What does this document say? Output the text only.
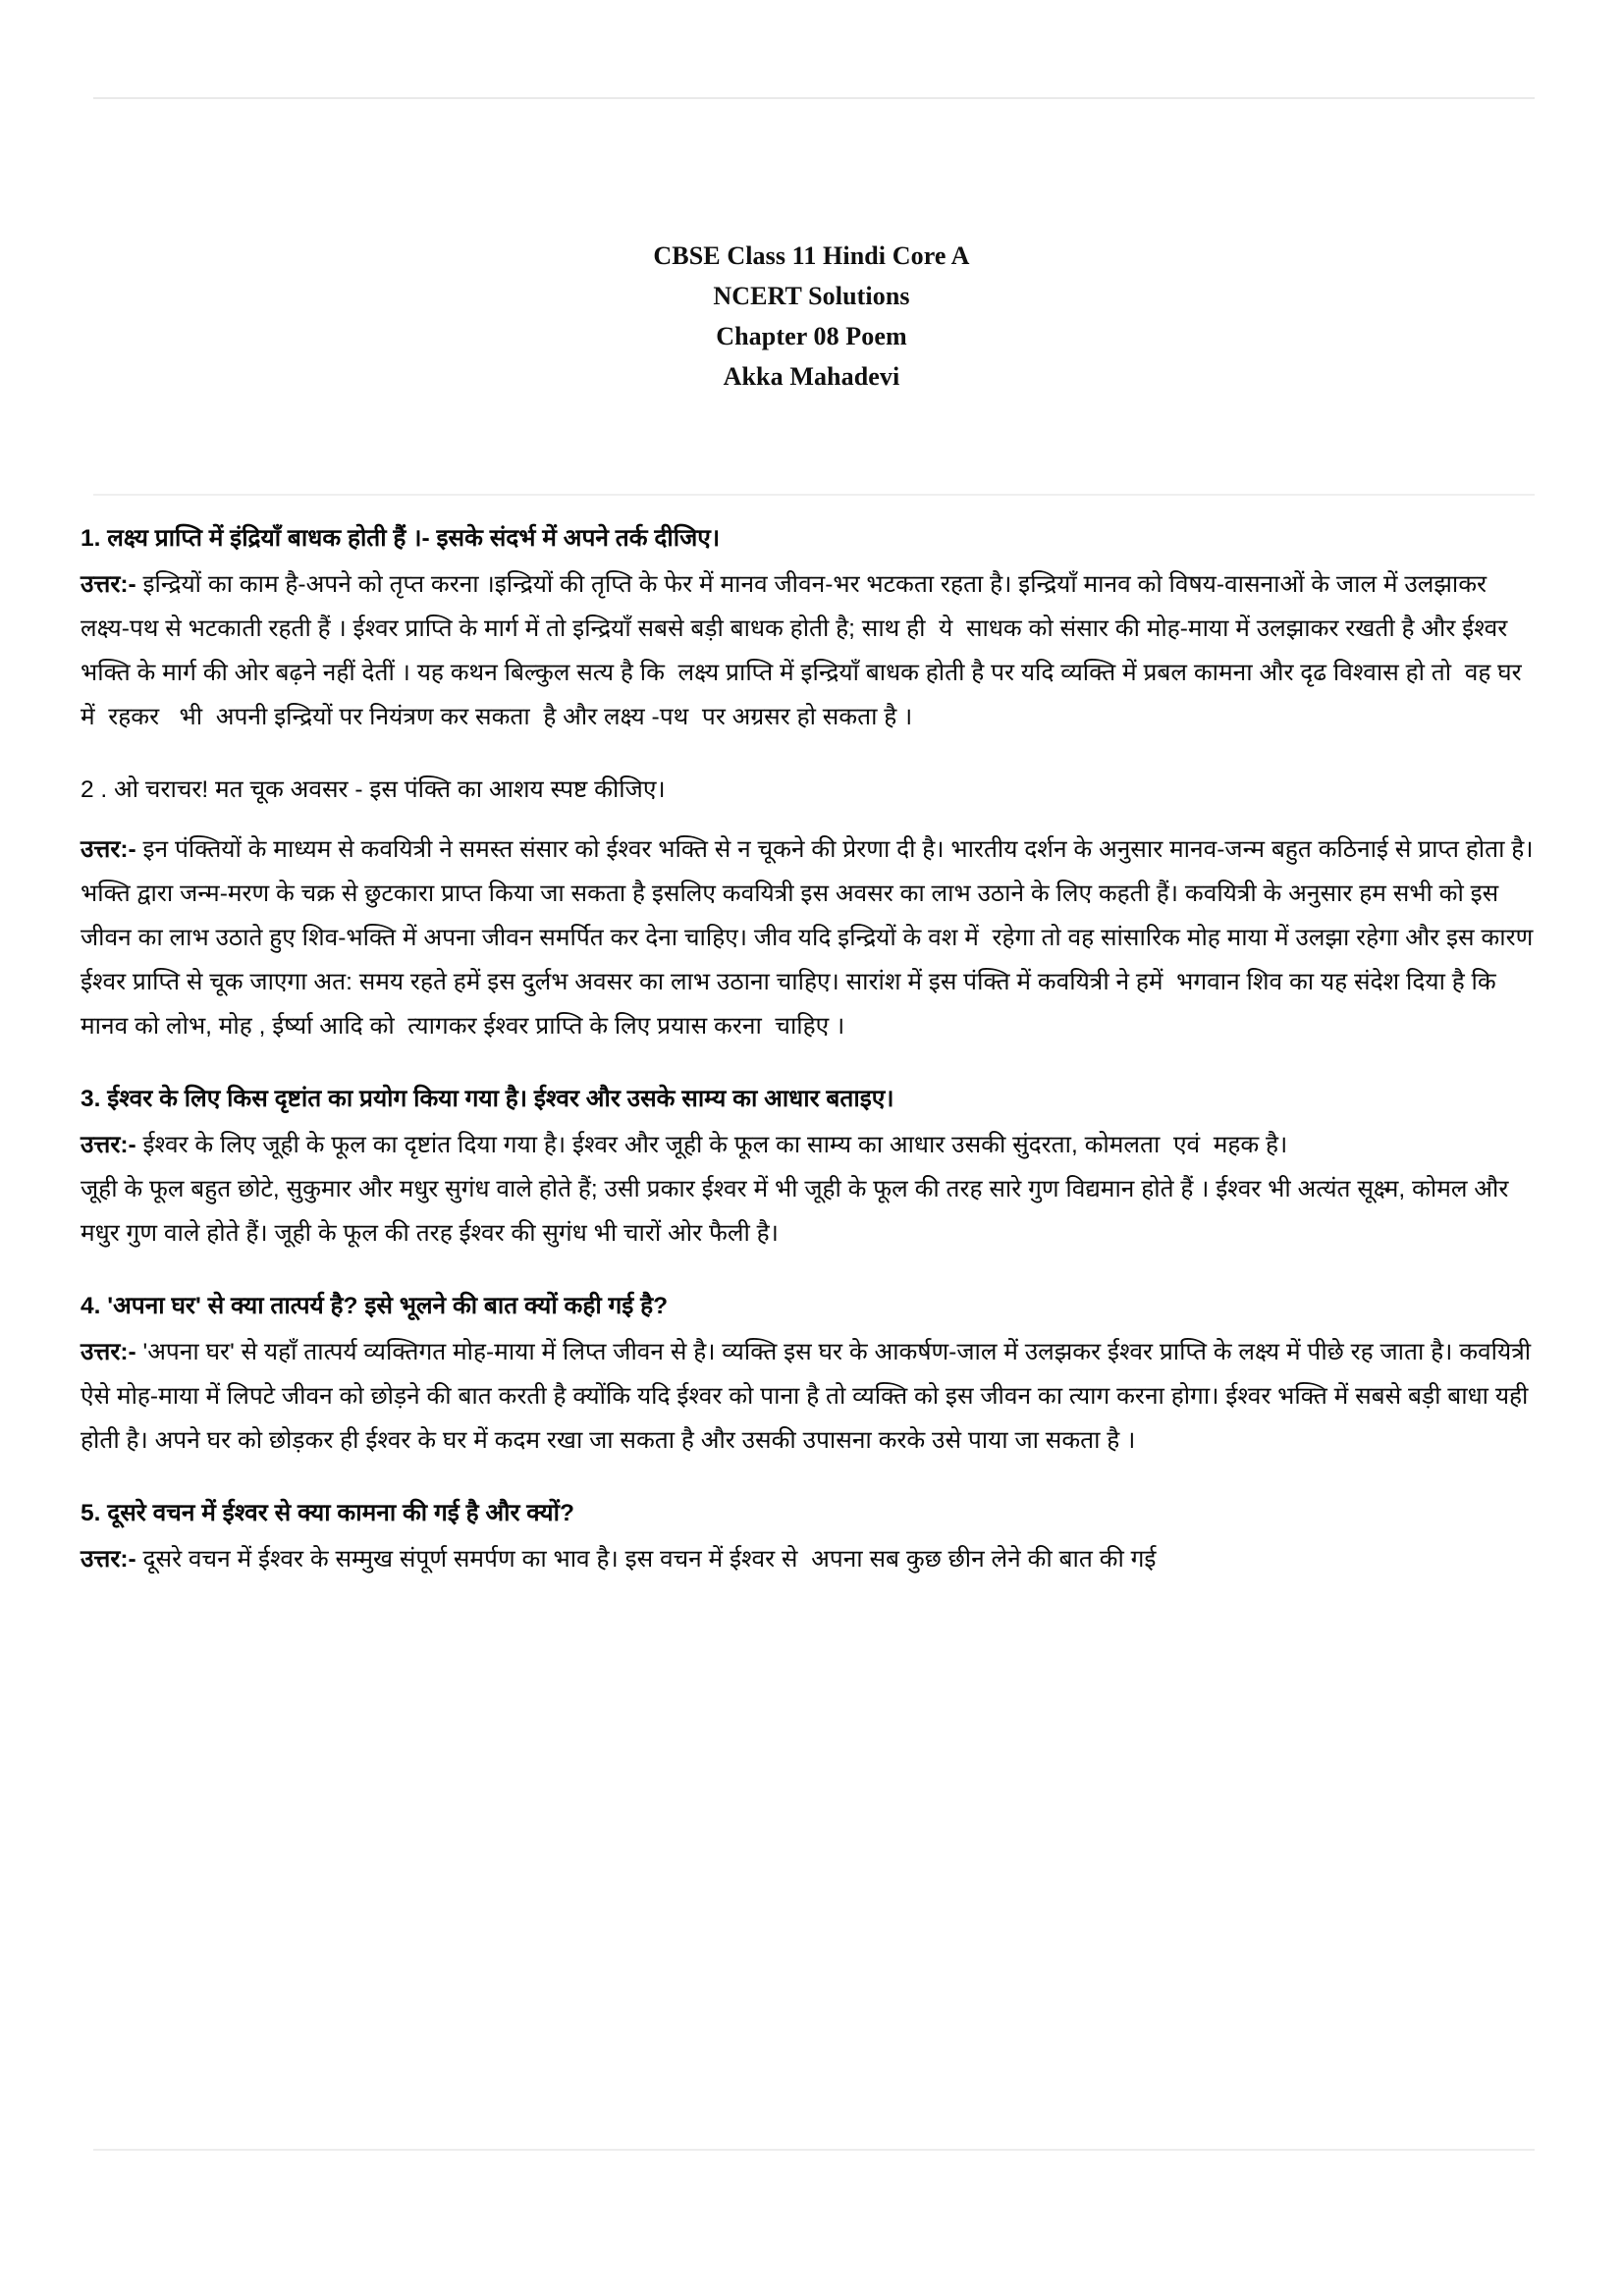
CBSE Class 11 Hindi Core A
NCERT Solutions
Chapter 08 Poem
Akka Mahadevi

1. लक्ष्य प्राप्ति में इंद्रियाँ बाधक होती हैं ।- इसके संदर्भ में अपने तर्क दीजिए।

उत्तर:- इन्द्रियों का काम है-अपने को तृप्त करना ।इन्द्रियों की तृप्ति के फेर में मानव जीवन-भर भटकता रहता है। इन्द्रियाँ मानव को विषय-वासनाओं के जाल में उलझाकर लक्ष्य-पथ से भटकाती रहती हैं । ईश्वर प्राप्ति के मार्ग में तो इन्द्रियाँ सबसे बड़ी बाधक होती है; साथ ही  ये  साधक को संसार की मोह-माया में उलझाकर रखती है और ईश्वर भक्ति के मार्ग की ओर बढ़ने नहीं देतीं । यह कथन बिल्कुल सत्य है कि  लक्ष्य प्राप्ति में इन्द्रियाँ बाधक होती है पर यदि व्यक्ति में प्रबल कामना और दृढ विश्वास हो तो  वह घर में  रहकर   भी  अपनी इन्द्रियों पर नियंत्रण कर सकता  है और लक्ष्य -पथ  पर अग्रसर हो सकता है ।

2 . ओ चराचर! मत चूक अवसर - इस पंक्ति का आशय स्पष्ट कीजिए।

उत्तर:- इन पंक्तियों के माध्यम से कवयित्री ने समस्त संसार को ईश्वर भक्ति से न चूकने की प्रेरणा दी है। भारतीय दर्शन के अनुसार मानव-जन्म बहुत कठिनाई से प्राप्त होता है। भक्ति द्वारा जन्म-मरण के चक्र से छुटकारा प्राप्त किया जा सकता है इसलिए कवयित्री इस अवसर का लाभ उठाने के लिए कहती हैं। कवयित्री के अनुसार हम सभी को इस जीवन का लाभ उठाते हुए शिव-भक्ति में अपना जीवन समर्पित कर देना चाहिए। जीव यदि इन्द्रियों के वश में  रहेगा तो वह सांसारिक मोह माया में उलझा रहेगा और इस कारण ईश्वर प्राप्ति से चूक जाएगा अत: समय रहते हमें इस दुर्लभ अवसर का लाभ उठाना चाहिए। सारांश में इस पंक्ति में कवयित्री ने हमें  भगवान शिव का यह संदेश दिया है कि  मानव को लोभ, मोह , ईर्ष्या आदि को  त्यागकर ईश्वर प्राप्ति के लिए प्रयास करना  चाहिए ।

3. ईश्वर के लिए किस दृष्टांत का प्रयोग किया गया है। ईश्वर और उसके साम्य का आधार बताइए।

उत्तर:- ईश्वर के लिए जूही के फूल का दृष्टांत दिया गया है। ईश्वर और जूही के फूल का साम्य का आधार उसकी सुंदरता, कोमलता  एवं  महक है।

जूही के फूल बहुत छोटे, सुकुमार और मधुर सुगंध वाले होते हैं; उसी प्रकार ईश्वर में भी जूही के फूल की तरह सारे गुण विद्यमान होते हैं । ईश्वर भी अत्यंत सूक्ष्म, कोमल और मधुर गुण वाले होते हैं। जूही के फूल की तरह ईश्वर की सुगंध भी चारों ओर फैली है।

4. 'अपना घर' से क्या तात्पर्य है? इसे भूलने की बात क्यों कही गई है?

उत्तर:- 'अपना घर' से यहाँ तात्पर्य व्यक्तिगत मोह-माया में लिप्त जीवन से है। व्यक्ति इस घर के आकर्षण-जाल में उलझकर ईश्वर प्राप्ति के लक्ष्य में पीछे रह जाता है। कवयित्री ऐसे मोह-माया में लिपटे जीवन को छोड़ने की बात करती है क्योंकि यदि ईश्वर को पाना है तो व्यक्ति को इस जीवन का त्याग करना होगा। ईश्वर भक्ति में सबसे बड़ी बाधा यही होती है। अपने घर को छोड़कर ही ईश्वर के घर में कदम रखा जा सकता है और उसकी उपासना करके उसे पाया जा सकता है ।

5. दूसरे वचन में ईश्वर से क्या कामना की गई है और क्यों?

उत्तर:- दूसरे वचन में ईश्वर के सम्मुख संपूर्ण समर्पण का भाव है। इस वचन में ईश्वर से  अपना सब कुछ छीन लेने की बात की गई
